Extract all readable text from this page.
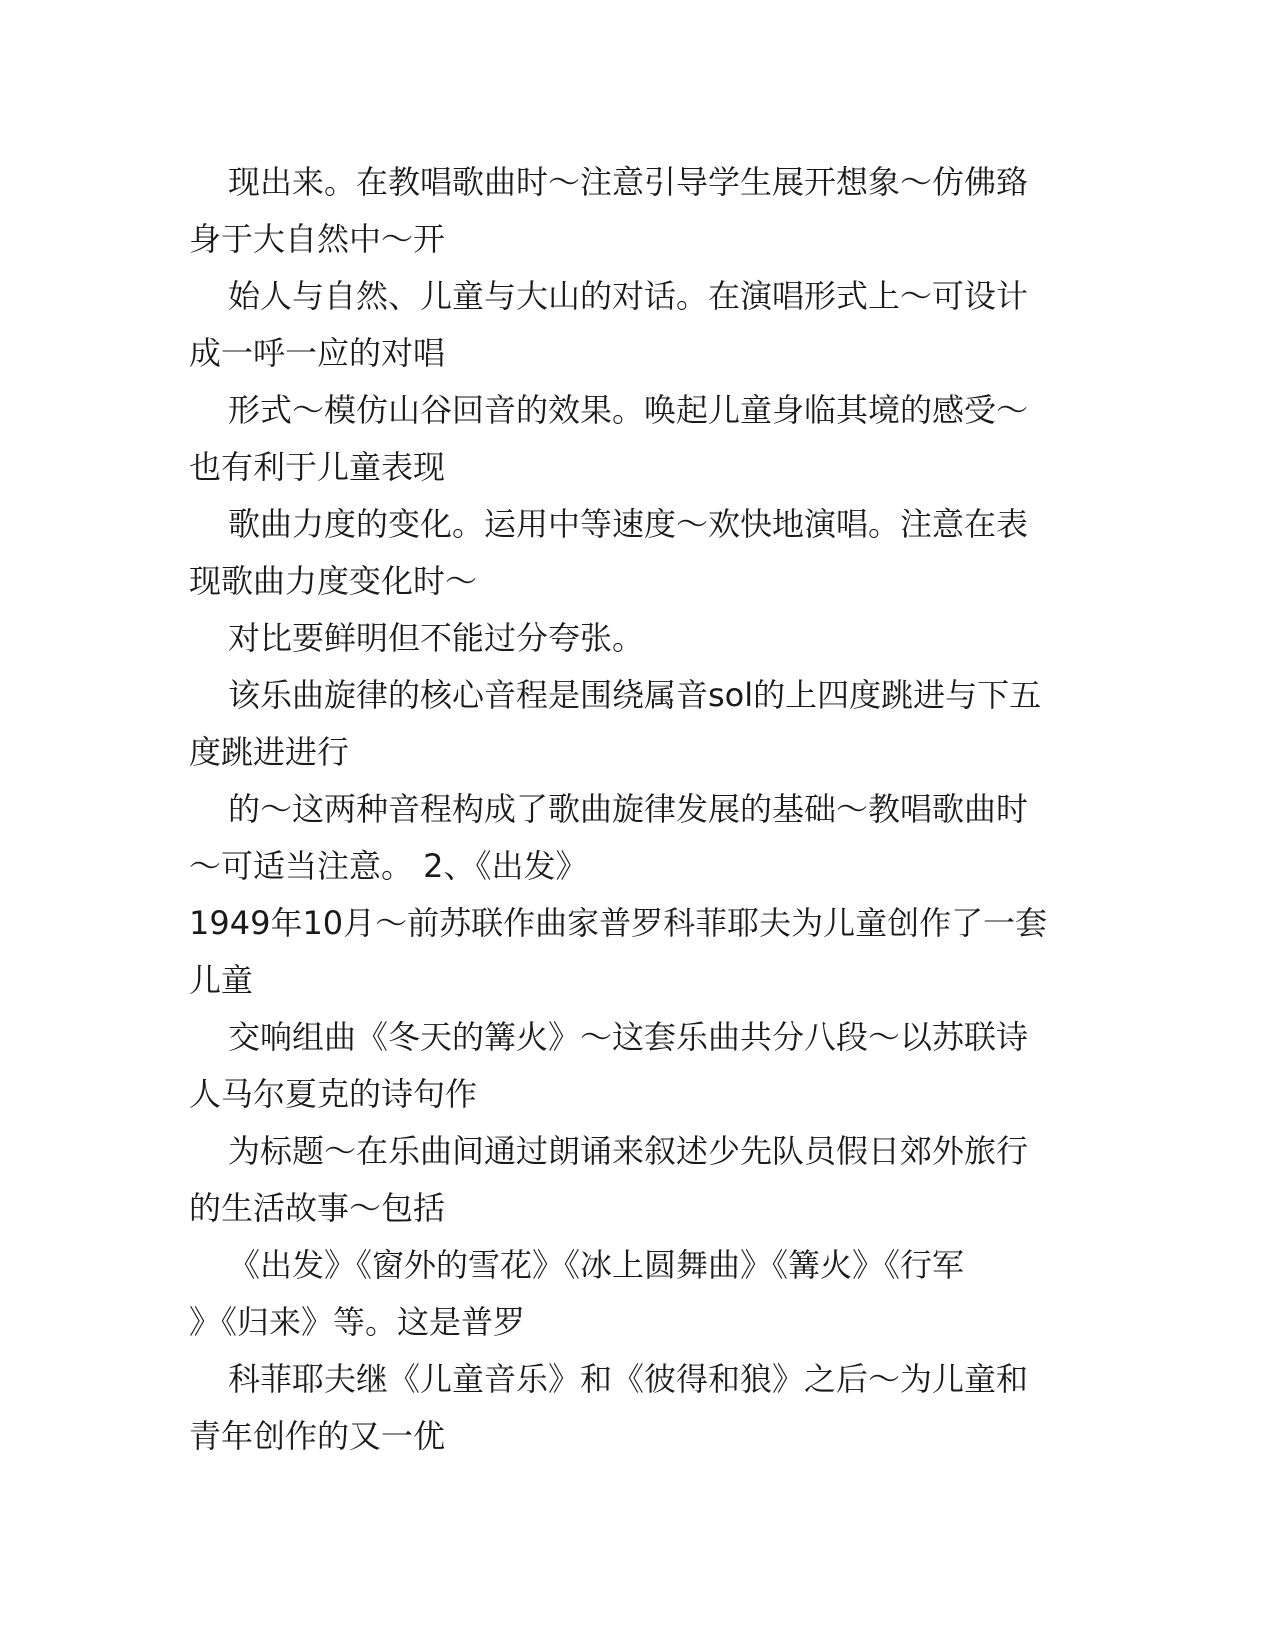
现出来。在教唱歌曲时～注意引导学生展开想象～仿佛臵
身于大自然中～开
始人与自然、儿童与大山的对话。在演唱形式上～可设计
成一呼一应的对唱
形式～模仿山谷回音的效果。唤起儿童身临其境的感受～
也有利于儿童表现
歌曲力度的变化。运用中等速度～欢快地演唱。注意在表
现歌曲力度变化时～
对比要鲜明但不能过分夸张。
该乐曲旋律的核心音程是围绕属音sol的上四度跳进与下五
度跳进进行
的～这两种音程构成了歌曲旋律发展的基础～教唱歌曲时
～可适当注意。 2、《出发》
1949年10月～前苏联作曲家普罗科菲耶夫为儿童创作了一套
儿童
交响组曲《冬天的篝火》～这套乐曲共分八段～以苏联诗
人马尔夏克的诗句作
为标题～在乐曲间通过朗诵来叙述少先队员假日郊外旅行
的生活故事～包括
《出发》《窗外的雪花》《冰上圆舞曲》《篝火》《行军
》《归来》等。这是普罗
科菲耶夫继《儿童音乐》和《彼得和狼》之后～为儿童和
青年创作的又一优
